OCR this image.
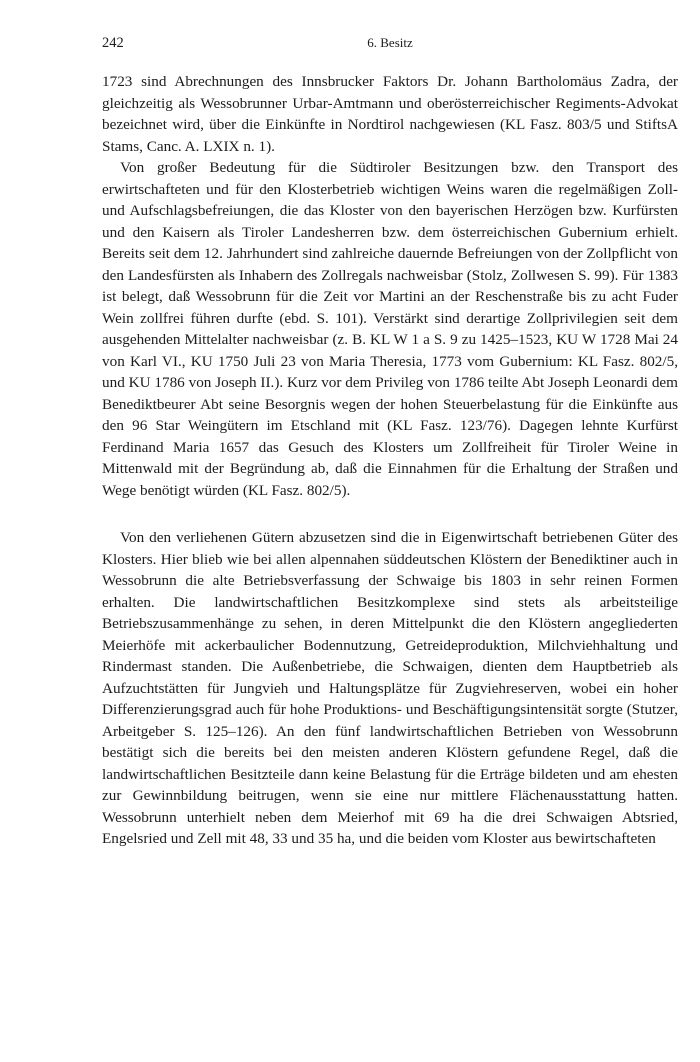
242	6. Besitz

1723 sind Abrechnungen des Innsbrucker Faktors Dr. Johann Bartholomäus Zadra, der gleichzeitig als Wessobrunner Urbar-Amtmann und oberösterreichischer Regiments-Advokat bezeichnet wird, über die Einkünfte in Nordtirol nachgewiesen (KL Fasz. 803/5 und StiftsA Stams, Canc. A. LXIX n. 1).

Von großer Bedeutung für die Südtiroler Besitzungen bzw. den Transport des erwirtschafteten und für den Klosterbetrieb wichtigen Weins waren die regelmäßigen Zoll- und Aufschlagsbefreiungen, die das Kloster von den bayerischen Herzögen bzw. Kurfürsten und den Kaisern als Tiroler Landesherren bzw. dem österreichischen Gubernium erhielt. Bereits seit dem 12. Jahrhundert sind zahlreiche dauernde Befreiungen von der Zollpflicht von den Landesfürsten als Inhabern des Zollregals nachweisbar (Stolz, Zollwesen S. 99). Für 1383 ist belegt, daß Wessobrunn für die Zeit vor Martini an der Reschenstraße bis zu acht Fuder Wein zollfrei führen durfte (ebd. S. 101). Verstärkt sind derartige Zollprivilegien seit dem ausgehenden Mittelalter nachweisbar (z. B. KL W 1 a S. 9 zu 1425–1523, KU W 1728 Mai 24 von Karl VI., KU 1750 Juli 23 von Maria Theresia, 1773 vom Gubernium: KL Fasz. 802/5, und KU 1786 von Joseph II.). Kurz vor dem Privileg von 1786 teilte Abt Joseph Leonardi dem Benediktbeurer Abt seine Besorgnis wegen der hohen Steuerbelastung für die Einkünfte aus den 96 Star Weingütern im Etschland mit (KL Fasz. 123/76). Dagegen lehnte Kurfürst Ferdinand Maria 1657 das Gesuch des Klosters um Zollfreiheit für Tiroler Weine in Mittenwald mit der Begründung ab, daß die Einnahmen für die Erhaltung der Straßen und Wege benötigt würden (KL Fasz. 802/5).

Von den verliehenen Gütern abzusetzen sind die in Eigenwirtschaft betriebenen Güter des Klosters. Hier blieb wie bei allen alpennahen süddeutschen Klöstern der Benediktiner auch in Wessobrunn die alte Betriebsverfassung der Schwaige bis 1803 in sehr reinen Formen erhalten. Die landwirtschaftlichen Besitzkomplexe sind stets als arbeitsteilige Betriebszusammenhänge zu sehen, in deren Mittelpunkt die den Klöstern angegliederten Meierhöfe mit ackerbaulicher Bodennutzung, Getreideproduktion, Milchviehhaltung und Rindermast standen. Die Außenbetriebe, die Schwaigen, dienten dem Hauptbetrieb als Aufzuchtstätten für Jungvieh und Haltungsplätze für Zugviehreserven, wobei ein hoher Differenzierungsgrad auch für hohe Produktions- und Beschäftigungsintensität sorgte (Stutzer, Arbeitgeber S. 125–126). An den fünf landwirtschaftlichen Betrieben von Wessobrunn bestätigt sich die bereits bei den meisten anderen Klöstern gefundene Regel, daß die landwirtschaftlichen Besitzteile dann keine Belastung für die Erträge bildeten und am ehesten zur Gewinnbildung beitrugen, wenn sie eine nur mittlere Flächenausstattung hatten. Wessobrunn unterhielt neben dem Meierhof mit 69 ha die drei Schwaigen Abtsried, Engelsried und Zell mit 48, 33 und 35 ha, und die beiden vom Kloster aus bewirtschafteten
